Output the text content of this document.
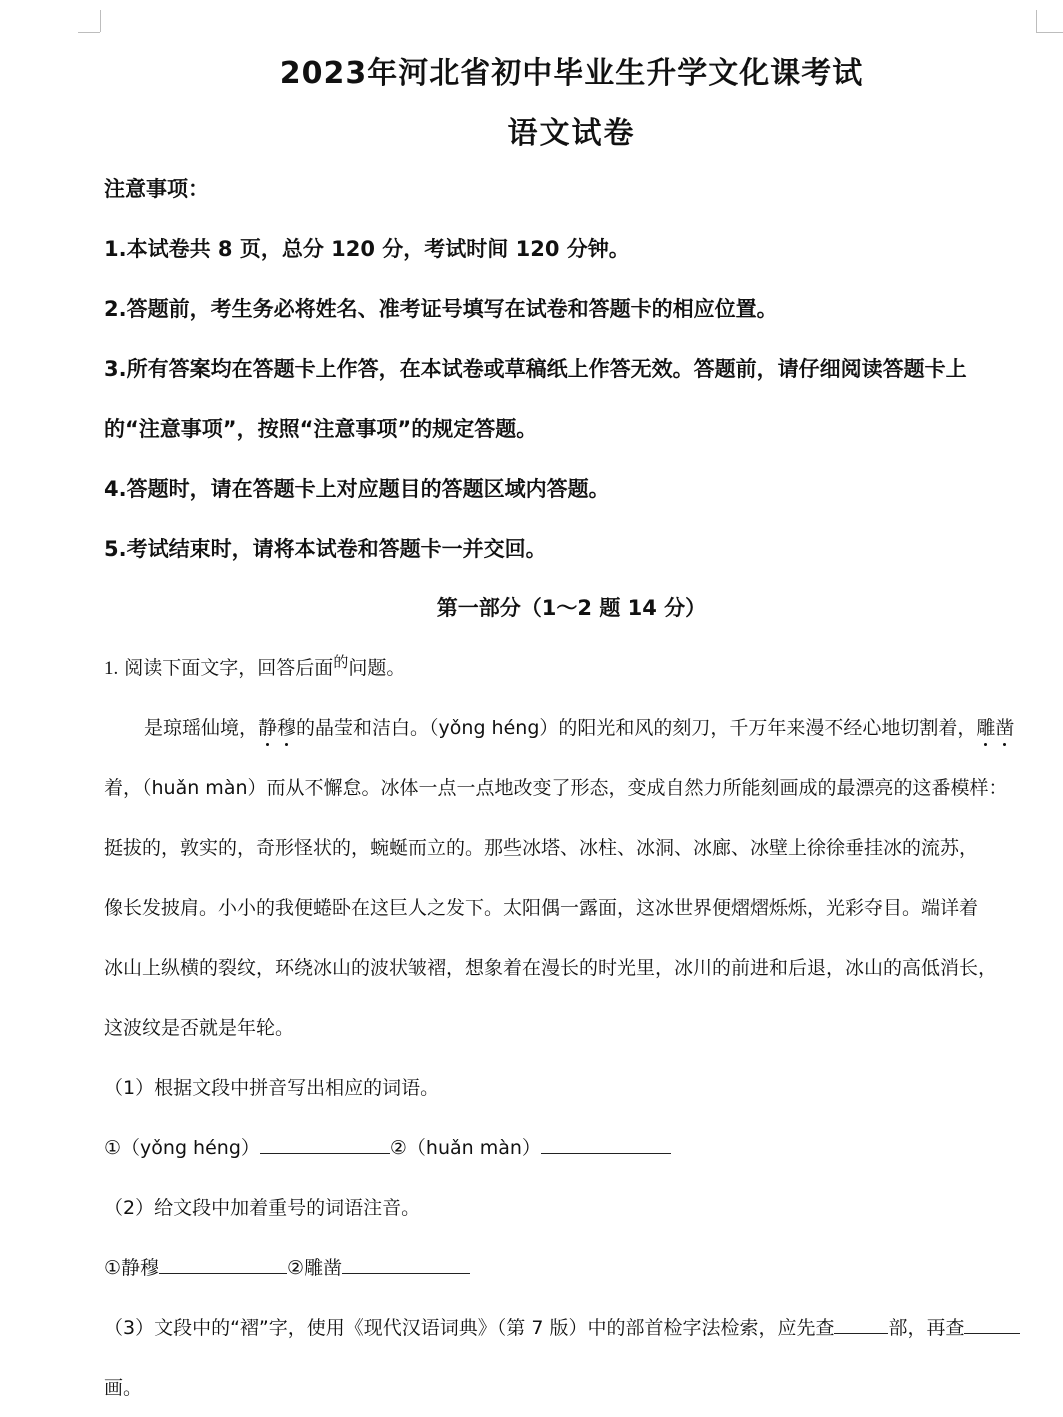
2023年河北省初中毕业生升学文化课考试
语文试卷
注意事项：
1.本试卷共 8 页，总分 120 分，考试时间 120 分钟。
2.答题前，考生务必将姓名、准考证号填写在试卷和答题卡的相应位置。
3.所有答案均在答题卡上作答，在本试卷或草稿纸上作答无效。答题前，请仔细阅读答题卡上
的“注意事项”，按照“注意事项”的规定答题。
4.答题时，请在答题卡上对应题目的答题区域内答题。
5.考试结束时，请将本试卷和答题卡一并交回。
第一部分（1～2 题 14 分）
1. 阅读下面文字，回答后面$^的$问题。
是琼瑶仙境，静穆的晶莹和洁白。（yǒng héng）的阳光和风的刻刀，千万年来漫不经心地切割着，雕凿
着，（huǎn màn）而从不懈怠。冰体一点一点地改变了形态，变成自然力所能刻画成的最漂亮的这番模样：
挺拔的，敦实的，奇形怪状的，蜿蜒而立的。那些冰塔、冰柱、冰洞、冰廊、冰壁上徐徐垂挂冰的流苏，
像长发披肩。小小的我便蜷卧在这巨人之发下。太阳偶一露面，这冰世界便熠熠烁烁，光彩夺目。端详着
冰山上纵横的裂纹，环绕冰山的波状皱褶，想象着在漫长的时光里，冰川的前进和后退，冰山的高低消长，
这波纹是否就是年轮。
（1）根据文段中拼音写出相应的词语。
①（yǒng héng）	②（huǎn màn）
（2）给文段中加着重号的词语注音。
①静穆	②雕凿
（3）文段中的“褶”字，使用《现代汉语词典》（第 7 版）中的部首检字法检索，应先查	部，再查
画。
